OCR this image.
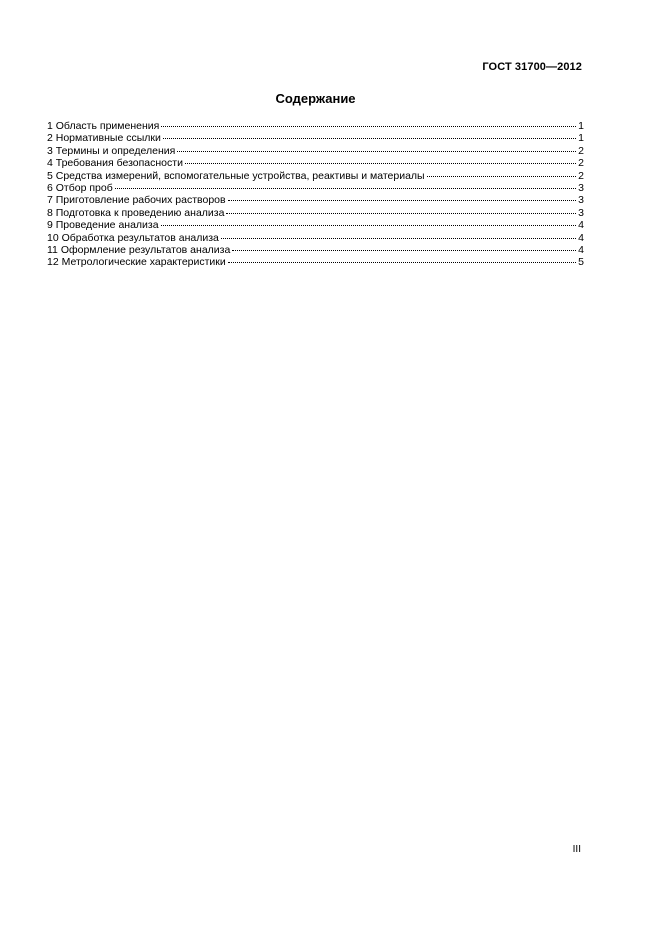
ГОСТ 31700—2012
Содержание
1 Область применения	1
2 Нормативные ссылки	1
3 Термины и определения	2
4 Требования безопасности	2
5 Средства измерений, вспомогательные устройства, реактивы и материалы	2
6 Отбор проб	3
7 Приготовление рабочих растворов	3
8 Подготовка к проведению анализа	3
9 Проведение анализа	4
10 Обработка результатов анализа	4
11 Оформление результатов анализа	4
12 Метрологические характеристики	5
III
